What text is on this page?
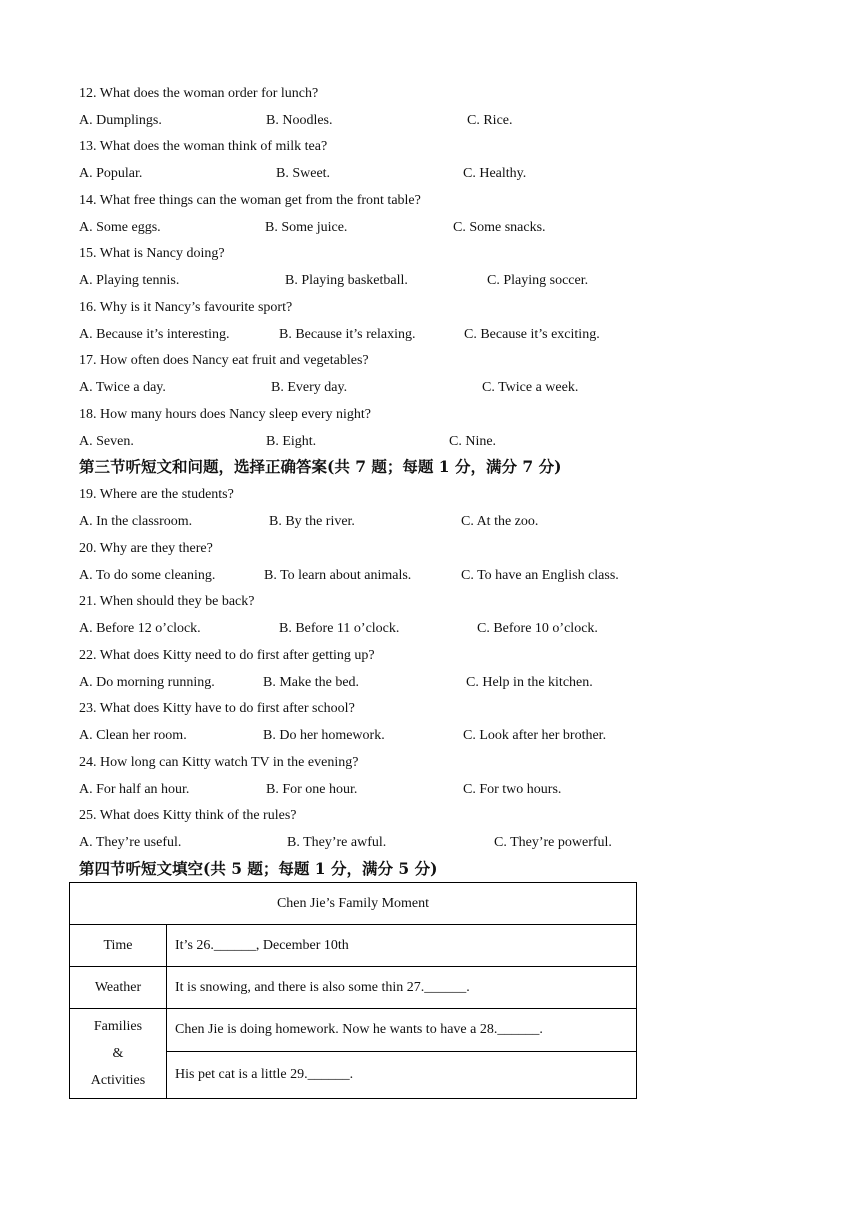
12. What does the woman order for lunch?
A. Dumplings.	B. Noodles.	C. Rice.
13. What does the woman think of milk tea?
A. Popular.	B. Sweet.	C. Healthy.
14. What free things can the woman get from the front table?
A. Some eggs.	B. Some juice.	C. Some snacks.
15. What is Nancy doing?
A. Playing tennis.	B. Playing basketball.	C. Playing soccer.
16. Why is it Nancy’s favourite sport?
A. Because it’s interesting.	B. Because it’s relaxing.	C. Because it’s exciting.
17. How often does Nancy eat fruit and vegetables?
A. Twice a day.	B. Every day.	C. Twice a week.
18. How many hours does Nancy sleep every night?
A. Seven.	B. Eight.	C. Nine.
第三节听短文和问题，选择正确答案(共 7 题；每题 1 分，满分 7 分)
19. Where are the students?
A. In the classroom.	B. By the river.	C. At the zoo.
20. Why are they there?
A. To do some cleaning.	B. To learn about animals.	C. To have an English class.
21. When should they be back?
A. Before 12 o’clock.	B. Before 11 o’clock.	C. Before 10 o’clock.
22. What does Kitty need to do first after getting up?
A. Do morning running.	B. Make the bed.	C. Help in the kitchen.
23. What does Kitty have to do first after school?
A. Clean her room.	B. Do her homework.	C. Look after her brother.
24. How long can Kitty watch TV in the evening?
A. For half an hour.	B. For one hour.	C. For two hours.
25. What does Kitty think of the rules?
A. They’re useful.	B. They’re awful.	C. They’re powerful.
第四节听短文填空(共 5 题；每题 1 分，满分 5 分)
Chen Jie’s Family Moment	
Time	It’s 26.______, December 10th
Weather	It is snowing, and there is also some thin 27.______.

Families
&
Activities	Chen Jie is doing homework. Now he wants to have a 28.______.
	His pet cat is a little 29.______.
